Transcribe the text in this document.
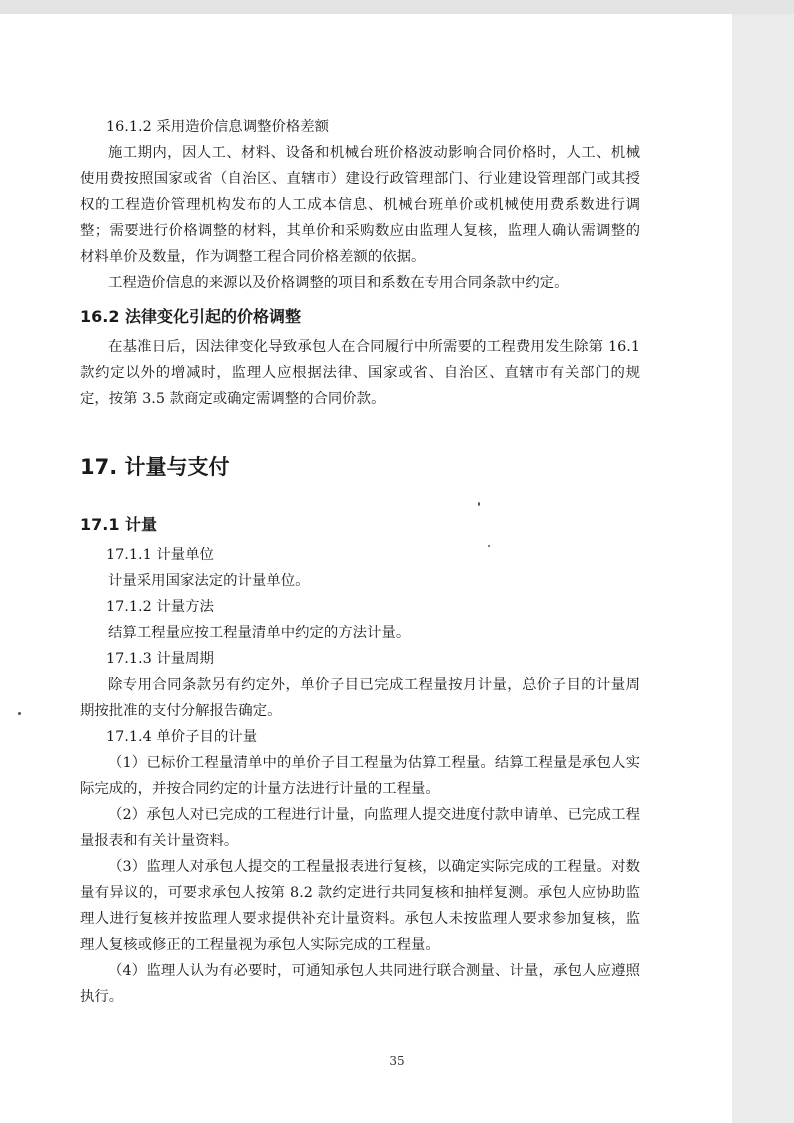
16.1.2 采用造价信息调整价格差额

施工期内，因人工、材料、设备和机械台班价格波动影响合同价格时，人工、机械使用费按照国家或省（自治区、直辖市）建设行政管理部门、行业建设管理部门或其授权的工程造价管理机构发布的人工成本信息、机械台班单价或机械使用费系数进行调整；需要进行价格调整的材料，其单价和采购数应由监理人复核，监理人确认需调整的材料单价及数量，作为调整工程合同价格差额的依据。

工程造价信息的来源以及价格调整的项目和系数在专用合同条款中约定。

16.2 法律变化引起的价格调整

在基准日后，因法律变化导致承包人在合同履行中所需要的工程费用发生除第 16.1 款约定以外的增减时，监理人应根据法律、国家或省、自治区、直辖市有关部门的规定，按第 3.5 款商定或确定需调整的合同价款。

17. 计量与支付
17.1 计量

17.1.1 计量单位

计量采用国家法定的计量单位。

17.1.2 计量方法

结算工程量应按工程量清单中约定的方法计量。

17.1.3 计量周期

除专用合同条款另有约定外，单价子目已完成工程量按月计量，总价子目的计量周期按批准的支付分解报告确定。

17.1.4 单价子目的计量

（1）已标价工程量清单中的单价子目工程量为估算工程量。结算工程量是承包人实际完成的，并按合同约定的计量方法进行计量的工程量。

（2）承包人对已完成的工程进行计量，向监理人提交进度付款申请单、已完成工程量报表和有关计量资料。

（3）监理人对承包人提交的工程量报表进行复核，以确定实际完成的工程量。对数量有异议的，可要求承包人按第 8.2 款约定进行共同复核和抽样复测。承包人应协助监理人进行复核并按监理人要求提供补充计量资料。承包人未按监理人要求参加复核，监理人复核或修正的工程量视为承包人实际完成的工程量。

（4）监理人认为有必要时，可通知承包人共同进行联合测量、计量，承包人应遵照执行。

35
